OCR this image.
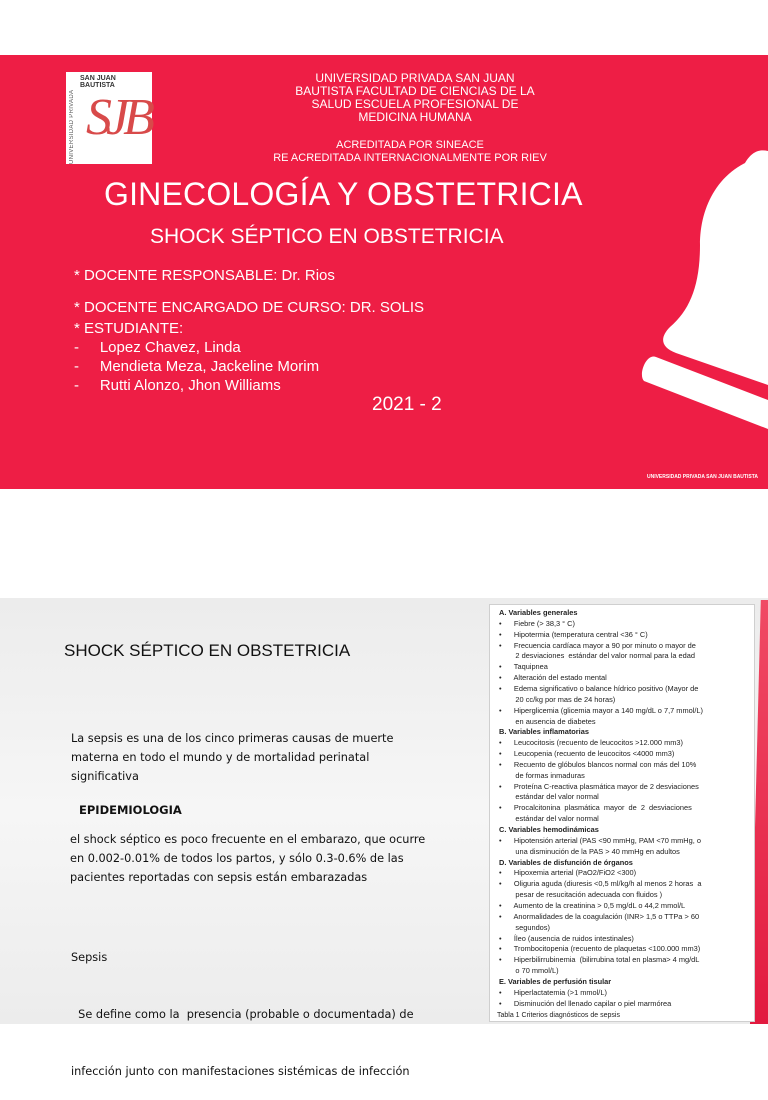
UNIVERSIDAD PRIVADA
SAN JUAN BAUTISTA
SJB
UNIVERSIDAD PRIVADA SAN JUAN
BAUTISTA FACULTAD DE CIENCIAS DE LA
SALUD ESCUELA PROFESIONAL DE
MEDICINA HUMANA
ACREDITADA POR SINEACE
RE ACREDITADA INTERNACIONALMENTE POR RIEV
GINECOLOGÍA Y OBSTETRICIA
SHOCK SÉPTICO EN OBSTETRICIA
* DOCENTE RESPONSABLE: Dr. Rios
* DOCENTE ENCARGADO DE CURSO: DR. SOLIS
* ESTUDIANTE:
-     Lopez Chavez, Linda
-     Mendieta Meza, Jackeline Morim
-     Rutti Alonzo, Jhon Williams
2021 - 2
UNIVERSIDAD PRIVADA SAN JUAN BAUTISTA
SHOCK SÉPTICO EN OBSTETRICIA
La sepsis es una de los cinco primeras causas de muerte
materna en todo el mundo y de mortalidad perinatal
significativa
EPIDEMIOLOGIA
el shock séptico es poco frecuente en el embarazo, que ocurre
en 0.002-0.01% de todos los partos, y sólo 0.3-0.6% de las
pacientes reportadas con sepsis están embarazadas

Sepsis

Se define como la  presencia (probable o documentada) de

infección junto con manifestaciones sistémicas de infección

A. Variables generales
•      Fiebre (> 38,3 ° C)
•      Hipotermia (temperatura central <36 ° C)
•      Frecuencia cardíaca mayor a 90 por minuto o mayor de
2 desviaciones  estándar del valor normal para la edad
•      Taquipnea
•      Alteración del estado mental
•      Edema significativo o balance hídrico positivo (Mayor de
20 cc/kg por mas de 24 horas)
•      Hiperglicemia (glicemia mayor a 140 mg/dL o 7,7 mmol/L)
en ausencia de diabetes
B. Variables inflamatorias
•      Leucocitosis (recuento de leucocitos >12.000 mm3)
•      Leucopenia (recuento de leucocitos <4000 mm3)
•      Recuento de glóbulos blancos normal con más del 10%
de formas inmaduras
•      Proteína C-reactiva plasmática mayor de 2 desviaciones
estándar del valor normal
•      Procalcitonina  plasmática  mayor  de  2  desviaciones
estándar del valor normal
C. Variables hemodinámicas
•      Hipotensión arterial (PAS <90 mmHg, PAM <70 mmHg, o
una disminución de la PAS > 40 mmHg en adultos
D. Variables de disfunción de órganos
•      Hipoxemia arterial (PaO2/FiO2 <300)
•      Oliguria aguda (diuresis <0,5 ml/kg/h al menos 2 horas  a
pesar de resucitación adecuada con fluidos )
•      Aumento de la creatinina > 0,5 mg/dL o 44,2 mmol/L
•      Anormalidades de la coagulación (INR> 1,5 o TTPa > 60
segundos)
•      Íleo (ausencia de ruidos intestinales)
•      Trombocitopenia (recuento de plaquetas <100.000 mm3)
•      Hiperbilirrubinemia  (bilirrubina total en plasma> 4 mg/dL
o 70 mmol/L)
E. Variables de perfusión tisular
•      Hiperlactatemia (>1 mmol/L)
•      Disminución del llenado capilar o piel marmórea
Tabla 1 Criterios diagnósticos de sepsis
